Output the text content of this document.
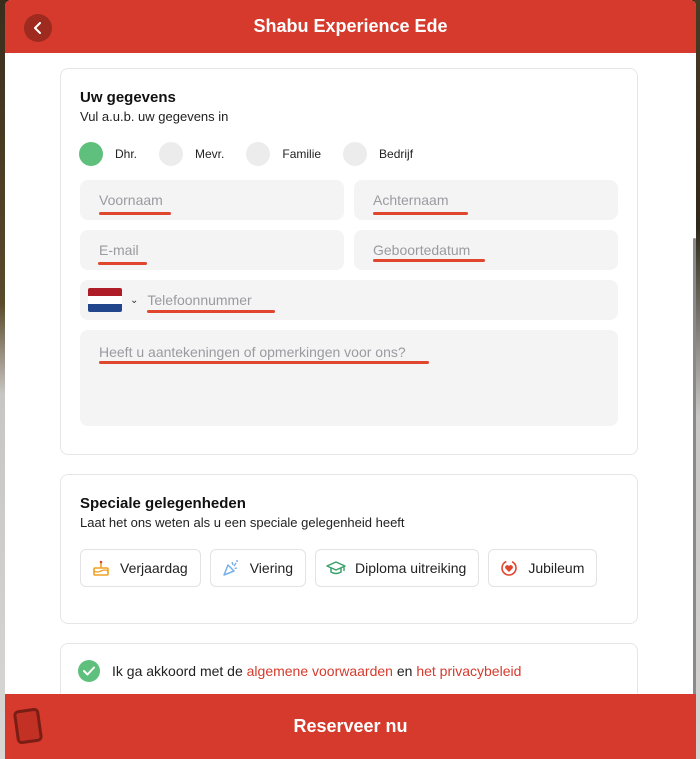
Shabu Experience Ede
Uw gegevens
Vul a.u.b. uw gegevens in
Dhr.	Mevr.	Familie	Bedrijf
Voornaam
Achternaam
E-mail
Geboortedatum
⌄
Telefoonnummer
Heeft u aantekeningen of opmerkingen voor ons?
Speciale gelegenheden
Laat het ons weten als u een speciale gelegenheid heeft
Verjaardag	Viering	Diploma uitreiking	Jubileum
Ik ga akkoord met de
algemene voorwaarden
en
het privacybeleid
Reserveer nu
